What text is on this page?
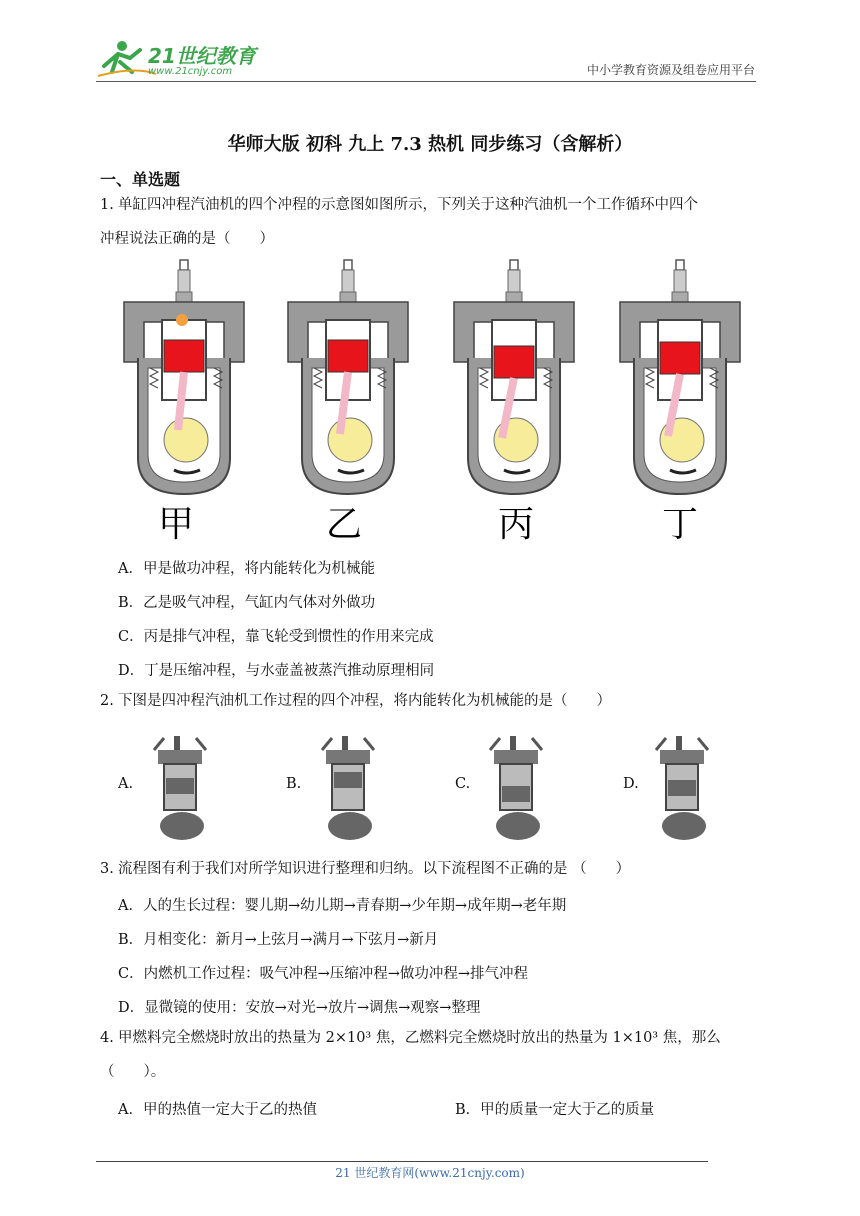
21世纪教育
www.21cnjy.com	中小学教育资源及组卷应用平台
华师大版 初科 九上 7.3 热机 同步练习（含解析）
一、单选题
1. 单缸四冲程汽油机的四个冲程的示意图如图所示，下列关于这种汽油机一个工作循环中四个
冲程说法正确的是（　　）
甲	乙	丙	丁
A．甲是做功冲程，将内能转化为机械能
B．乙是吸气冲程，气缸内气体对外做功
C．丙是排气冲程，靠飞轮受到惯性的作用来完成
D．丁是压缩冲程，与水壶盖被蒸汽推动原理相同
2. 下图是四冲程汽油机工作过程的四个冲程，将内能转化为机械能的是（　　）
A.	B.	C.	D.
3. 流程图有利于我们对所学知识进行整理和归纳。以下流程图不正确的是 （　　）
A．人的生长过程：婴儿期→幼儿期→青春期→少年期→成年期→老年期
B．月相变化：新月→上弦月→满月→下弦月→新月
C．内燃机工作过程：吸气冲程→压缩冲程→做功冲程→排气冲程
D．显微镜的使用：安放→对光→放片→调焦→观察→整理
4. 甲燃料完全燃烧时放出的热量为 2×10³ 焦，乙燃料完全燃烧时放出的热量为 1×10³ 焦，那么
（　　）。
A．甲的热值一定大于乙的热值	B．甲的质量一定大于乙的质量
21 世纪教育网(www.21cnjy.com)
